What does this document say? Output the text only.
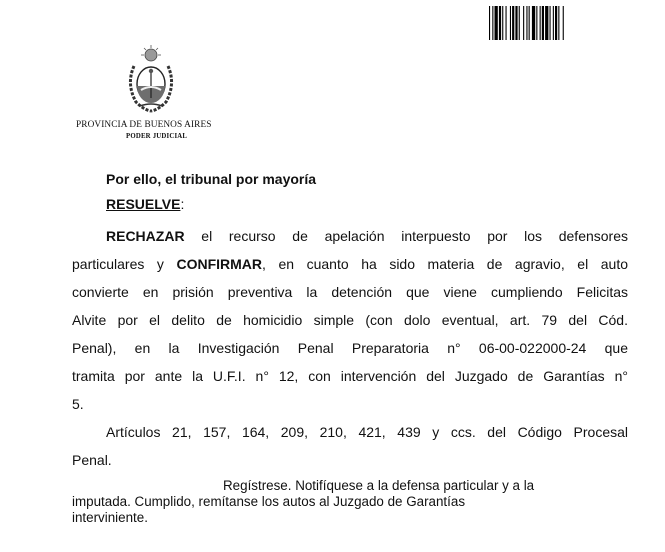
PROVINCIA DE BUENOS AIRES
PODER JUDICIAL
Por ello, el tribunal por mayoría
RESUELVE:
RECHAZAR el recurso de apelación interpuesto por los defensores
particulares y CONFIRMAR, en cuanto ha sido materia de agravio, el auto
convierte en prisión preventiva la detención que viene cumpliendo Felicitas
Alvite por el delito de homicidio simple (con dolo eventual, art. 79 del Cód.
Penal), en la Investigación Penal Preparatoria n° 06-00-022000-24 que
tramita por ante la U.F.I. n° 12, con intervención del Juzgado de Garantías n°
5.
Artículos 21, 157, 164, 209, 210, 421, 439 y ccs. del Código Procesal
Penal.
Regístrese. Notifíquese a la defensa particular y a la
imputada. Cumplido, remítanse los autos al Juzgado de Garantías
interviniente.
